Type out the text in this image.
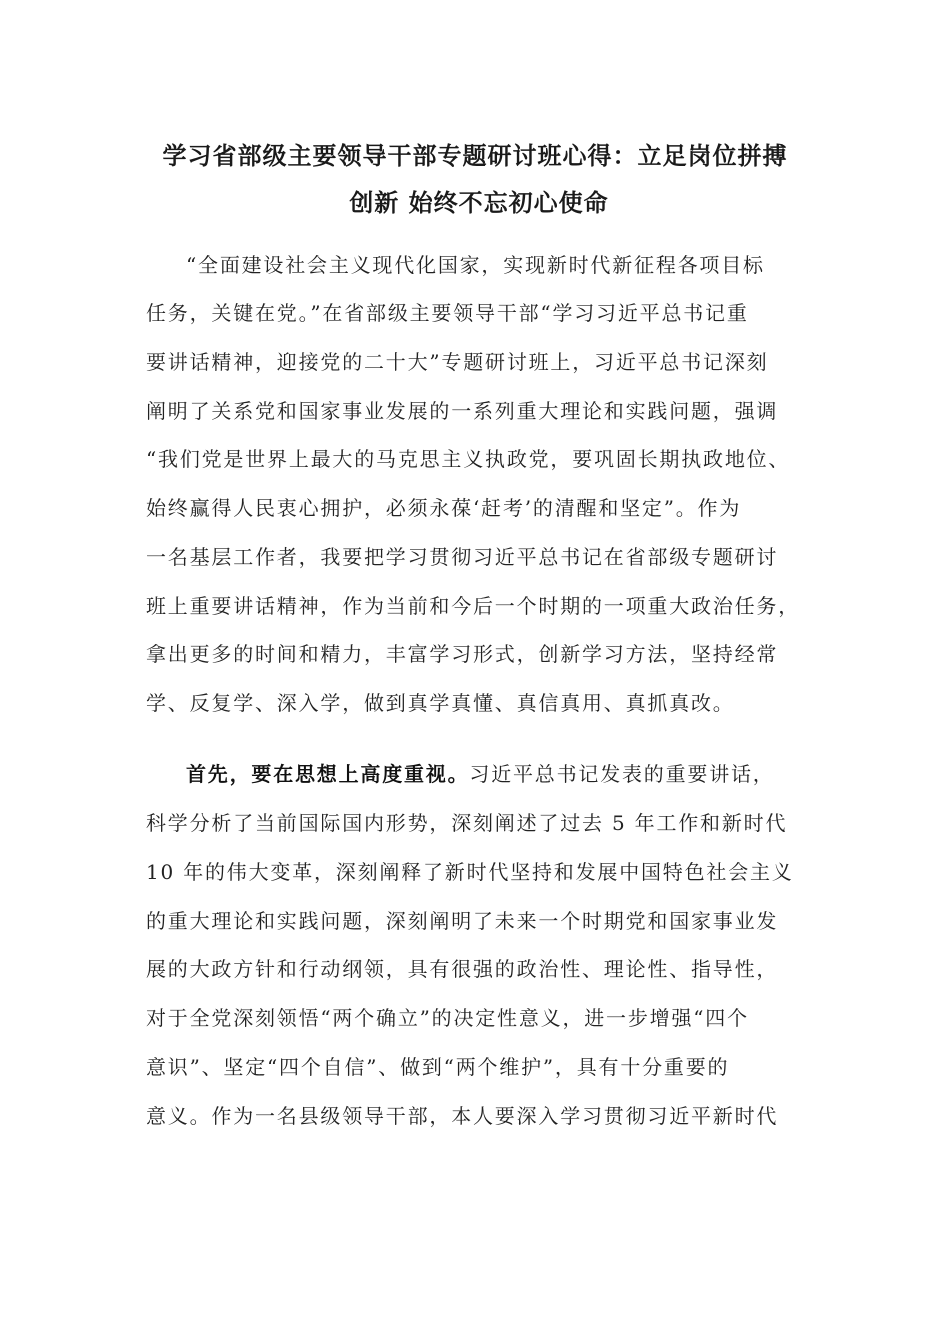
学习省部级主要领导干部专题研讨班心得：立足岗位拼搏
创新 始终不忘初心使命
“全面建设社会主义现代化国家，实现新时代新征程各项目标
任务，关键在党。”在省部级主要领导干部“学习习近平总书记重
要讲话精神，迎接党的二十大”专题研讨班上，习近平总书记深刻
阐明了关系党和国家事业发展的一系列重大理论和实践问题，强调
“我们党是世界上最大的马克思主义执政党，要巩固长期执政地位、
始终赢得人民衷心拥护，必须永葆‘赶考’的清醒和坚定”。作为
一名基层工作者，我要把学习贯彻习近平总书记在省部级专题研讨
班上重要讲话精神，作为当前和今后一个时期的一项重大政治任务，
拿出更多的时间和精力，丰富学习形式，创新学习方法，坚持经常
学、反复学、深入学，做到真学真懂、真信真用、真抓真改。
首先，要在思想上高度重视。习近平总书记发表的重要讲话，
科学分析了当前国际国内形势，深刻阐述了过去 5 年工作和新时代
10 年的伟大变革，深刻阐释了新时代坚持和发展中国特色社会主义
的重大理论和实践问题，深刻阐明了未来一个时期党和国家事业发
展的大政方针和行动纲领，具有很强的政治性、理论性、指导性，
对于全党深刻领悟“两个确立”的决定性意义，进一步增强“四个
意识”、坚定“四个自信”、做到“两个维护”，具有十分重要的
意义。作为一名县级领导干部，本人要深入学习贯彻习近平新时代
